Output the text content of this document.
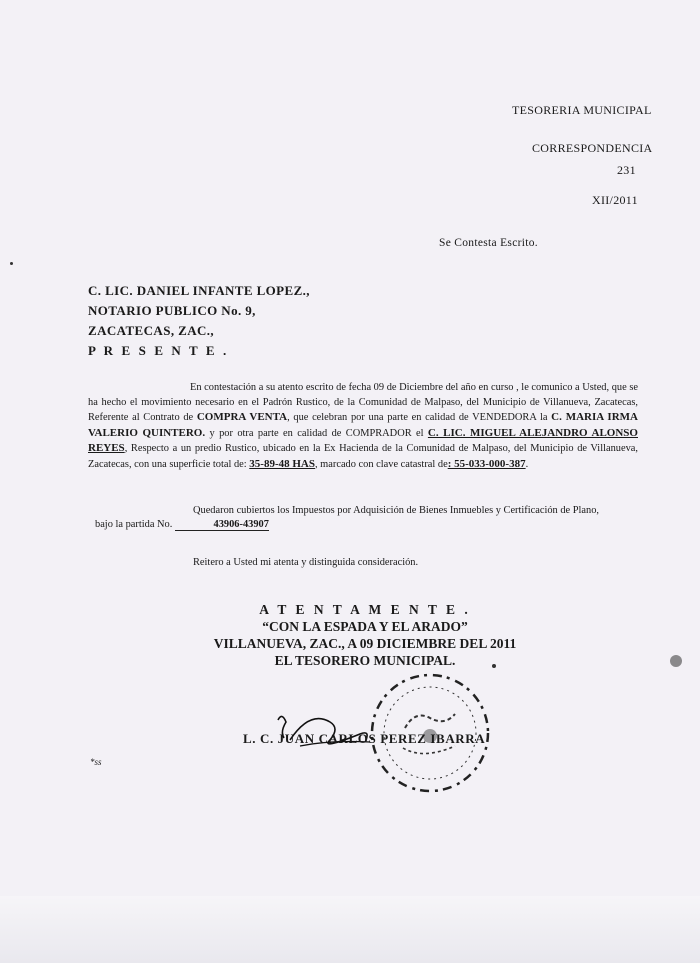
TESORERIA MUNICIPAL
CORRESPONDENCIA
231
XII/2011
Se Contesta Escrito.
C. LIC. DANIEL INFANTE LOPEZ.,
NOTARIO PUBLICO No. 9,
ZACATECAS, ZAC.,
P R E S E N T E .
En contestación a su atento escrito de fecha 09 de Diciembre del año en curso , le comunico a Usted, que se ha hecho el movimiento necesario en el Padrón Rustico, de la Comunidad de Malpaso, del Municipio de Villanueva, Zacatecas, Referente al Contrato de COMPRA VENTA, que celebran por una parte en calidad de VENDEDORA la C. MARIA IRMA VALERIO QUINTERO. y por otra parte en calidad de COMPRADOR el C. LIC. MIGUEL ALEJANDRO ALONSO REYES, Respecto a un predio Rustico, ubicado en la Ex Hacienda de la Comunidad de Malpaso, del Municipio de Villanueva, Zacatecas, con una superficie total de: 35-89-48 HAS, marcado con clave catastral de: 55-033-000-387.
Quedaron cubiertos los Impuestos por Adquisición de Bienes Inmuebles y Certificación de Plano,
bajo la partida No.	43906-43907
Reitero a Usted mi atenta y distinguida consideración.
A T E N T A M E N T E .
“CON LA ESPADA Y EL ARADO”
VILLANUEVA, ZAC., A 09 DICIEMBRE DEL 2011
EL TESORERO MUNICIPAL.
L. C. JUAN CARLOS PEREZ IBARRA
*ss
